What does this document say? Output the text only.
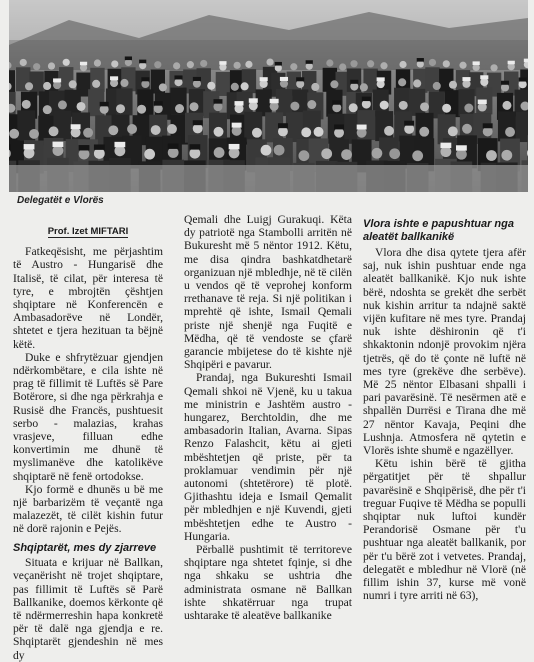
Delegatët e Vlorës
Prof. Izet MIFTARI

Fatkeqësisht, me përjashtim të Austro - Hungarisë dhe Italisë, të cilat, për interesa të tyre, e mbrojtën çështjen shqiptare në Konferencën e Ambasadorëve në Londër, shtetet e tjera hezituan ta bëjnë këtë.

Duke e shfrytëzuar gjendjen ndërkombëtare, e cila ishte në prag të fillimit të Luftës së Pare Botërore, si dhe nga përkrahja e Rusisë dhe Francës, pushtuesit serbo - malazias, krahas vrasjeve, filluan edhe konvertimin me dhunë të myslimanëve dhe katolikëve shqiptarë në fenë ortodokse.

Kjo formë e dhunës u bë me një barbarizëm të veçantë nga malazezët, të cilët kishin futur në dorë rajonin e Pejës.

Shqiptarët, mes dy zjarreve

Situata e krijuar në Ballkan, veçanërisht në trojet shqiptare, pas fillimit të Luftës së Parë Ballkanike, doemos kërkonte që të ndërmerreshin hapa konkretë për të dalë nga gjendja e re. Shqiptarët gjendeshin në mes dy

Qemali dhe Luigj Gurakuqi. Këta dy patriotë nga Stambolli arritën në Bukuresht më 5 nëntor 1912. Këtu, me disa qindra bashkatdhetarë organizuan një mbledhje, në të cilën u vendos që të veprohej konform rrethanave të reja. Si një politikan i mprehtë që ishte, Ismail Qemali priste një shenjë nga Fuqitë e Mëdha, që të vendoste se çfarë garancie mbijetese do të kishte një Shqipëri e pavarur.

Prandaj, nga Bukureshti Ismail Qemali shkoi në Vjenë, ku u takua me ministrin e Jashtëm austro - hungarez, Berchtoldin, dhe me ambasadorin Italian, Avarna. Sipas Renzo Falashcit, këtu ai gjeti mbështetjen që priste, për ta proklamuar vendimin për një autonomi (shtetërore) të plotë. Gjithashtu ideja e Ismail Qemalit për mbledhjen e një Kuvendi, gjeti mbështetjen edhe te Austro - Hungaria.

Përballë pushtimit të territoreve shqiptare nga shtetet fqinje, si dhe nga shkaku se ushtria dhe administrata osmane në Ballkan ishte shkatërruar nga trupat ushtarake të aleatëve ballkanike

Vlora ishte e papushtuar nga aleatët ballkanikë

Vlora dhe disa qytete tjera afër saj, nuk ishin pushtuar ende nga aleatët ballkanikë. Kjo nuk ishte bërë, ndoshta se grekët dhe serbët nuk kishin arritur ta ndajnë saktë vijën kufitare në mes tyre. Prandaj nuk ishte dëshironin që t'i shkaktonin ndonjë provokim njëra tjetrës, që do të çonte në luftë në mes tyre (grekëve dhe serbëve). Më 25 nëntor Elbasani shpalli i pari pavarësinë. Të nesërmen atë e shpallën Durrësi e Tirana dhe më 27 nëntor Kavaja, Peqini dhe Lushnja. Atmosfera në qytetin e Vlorës ishte shumë e ngazëllyer.

Këtu ishin bërë të gjitha përgatitjet për të shpallur pavarësinë e Shqipërisë, dhe për t'i treguar Fuqive të Mëdha se populli shqiptar nuk luftoi kundër Perandorisë Osmane për t'u pushtuar nga aleatët ballkanik, por për t'u bërë zot i vetvetes. Prandaj, delegatët e mbledhur në Vlorë (në fillim ishin 37, kurse më vonë numri i tyre arriti në 63),
